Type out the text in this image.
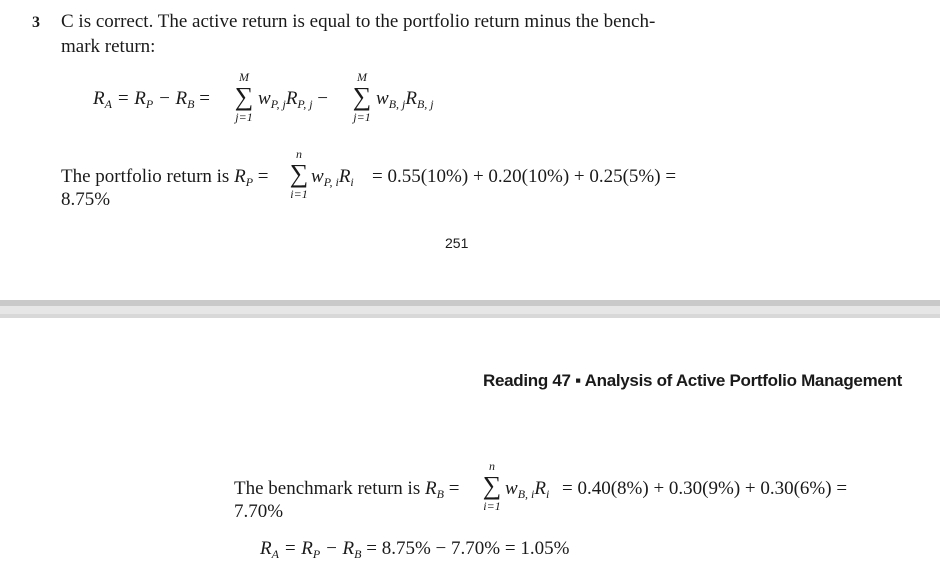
3 C is correct. The active return is equal to the portfolio return minus the bench-
mark return:
$R_A = R_P - R_B$ =
M
∑
j=1
$w_{P, j}R_{P, j}$ −
M
∑
j=1
$w_{B, j}R_{B, j}$
The portfolio return is $R_P$ =
n
∑
i=1
$w_{P, i}R_i = 0.55(10\%) + 0.20(10\%) + 0.25(5\%)$ =
8.75%
251
Reading 47 ▪ Analysis of Active Portfolio Management
The benchmark return is $R_B$ =
n
∑
i=1
$w_{B, i}R_i = 0.40(8\%) + 0.30(9\%) + 0.30(6\%)$ =
7.70%
$R_A = R_P - R_B = 8.75\% - 7.70\% = 1.05\%$
